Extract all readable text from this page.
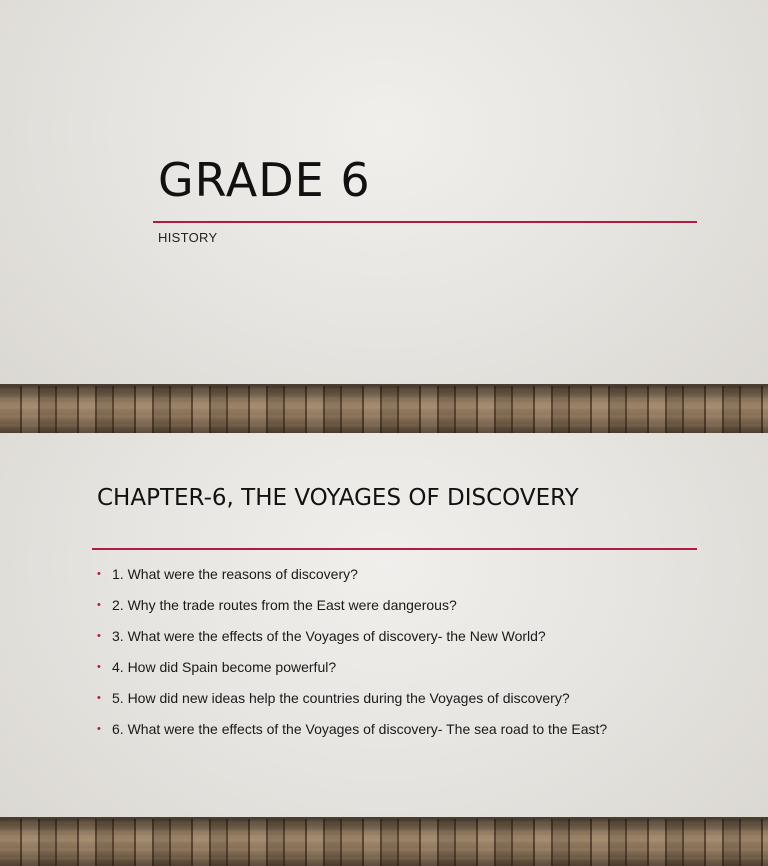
GRADE 6
HISTORY
CHAPTER-6, THE VOYAGES OF DISCOVERY
• 1. What were the reasons of discovery?
• 2. Why the trade routes from the East were dangerous?
• 3. What were the effects of the Voyages of discovery- the New World?
• 4. How did Spain become powerful?
• 5. How did new ideas help the countries during the Voyages of discovery?
• 6. What were the effects of the Voyages of discovery- The sea road to the East?
